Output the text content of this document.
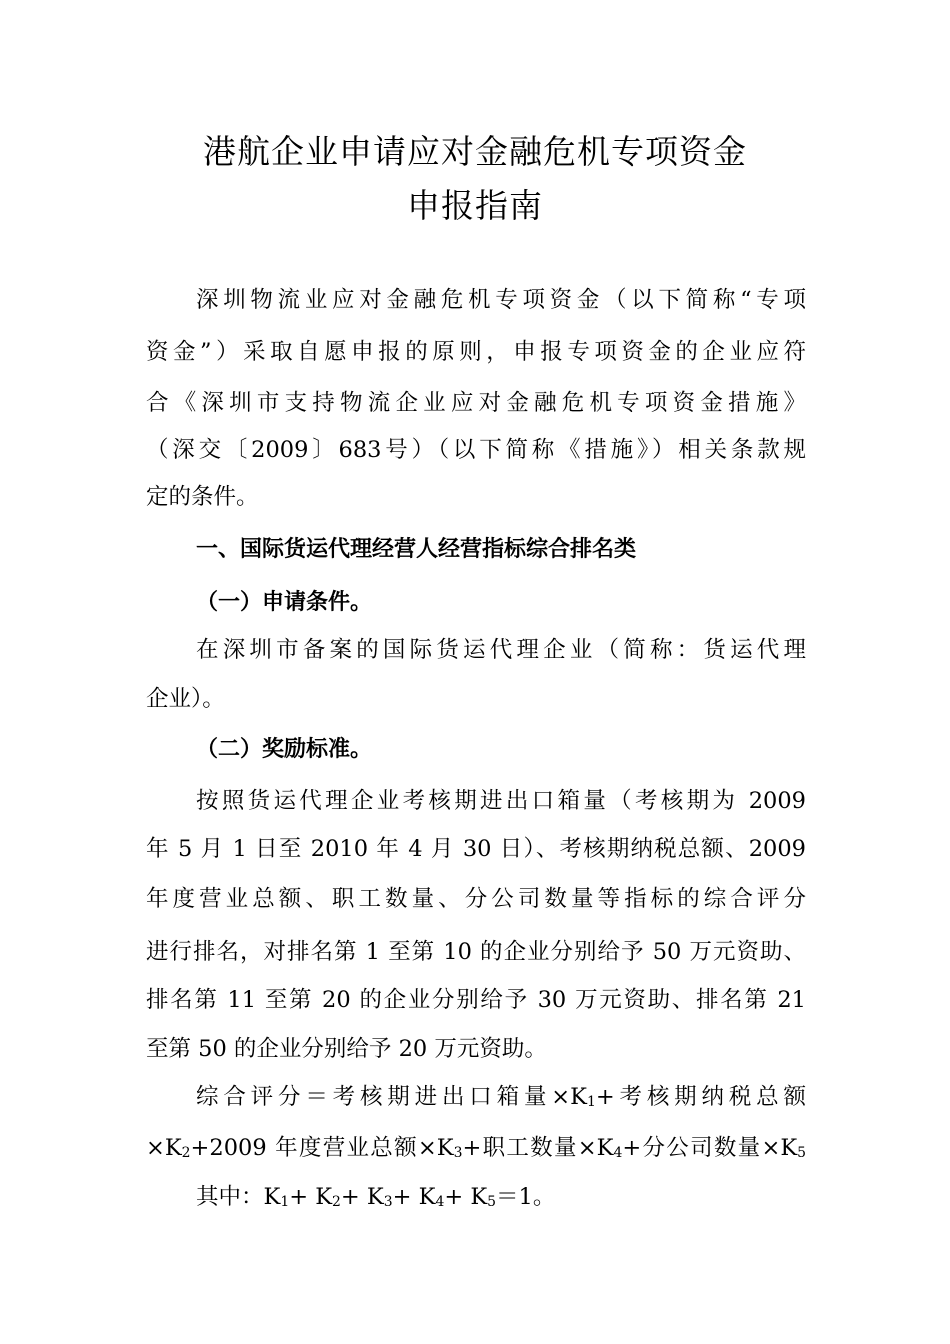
港航企业申请应对金融危机专项资金
申报指南
深圳物流业应对金融危机专项资金（以下简称“专项
资金”）采取自愿申报的原则，申报专项资金的企业应符
合《深圳市支持物流企业应对金融危机专项资金措施》
（深交〔2009〕683号）（以下简称《措施》）相关条款规
定的条件。
一、国际货运代理经营人经营指标综合排名类
（一）申请条件。
在深圳市备案的国际货运代理企业（简称：货运代理
企业）。
（二）奖励标准。
按照货运代理企业考核期进出口箱量（考核期为 2009
年 5 月 1 日至 2010 年 4 月 30 日）、考核期纳税总额、2009
年度营业总额、职工数量、分公司数量等指标的综合评分
进行排名，对排名第 1 至第 10 的企业分别给予 50 万元资助、
排名第 11 至第 20 的企业分别给予 30 万元资助、排名第 21
至第 50 的企业分别给予 20 万元资助。
综合评分＝考核期进出口箱量×K1+考核期纳税总额
×K2+2009 年度营业总额×K3+职工数量×K4+分公司数量×K5
其中：K1+ K2+ K3+ K4+ K5＝1。
